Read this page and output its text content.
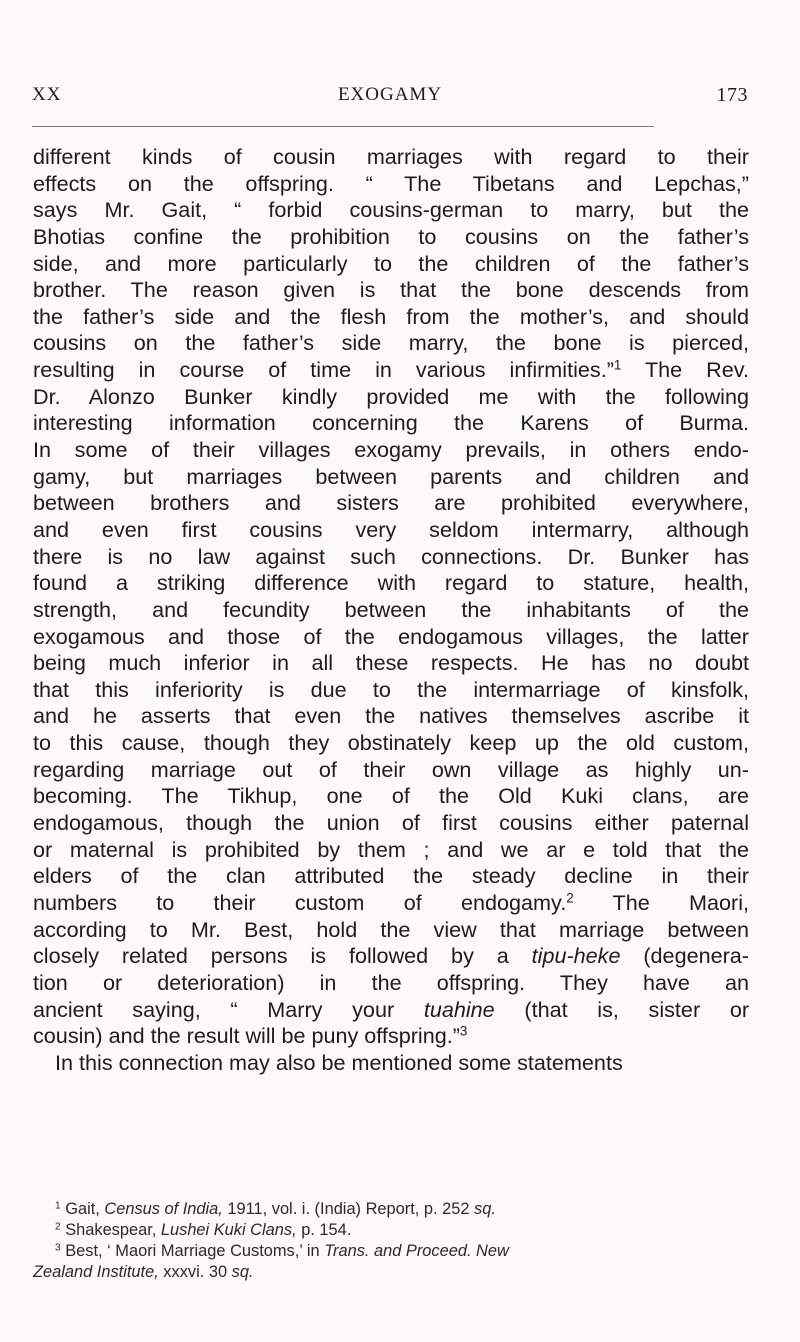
XX	EXOGAMY	173
different kinds of cousin marriages with regard to their
effects on the offspring. “ The Tibetans and Lepchas,”
says Mr. Gait, “ forbid cousins-german to marry, but the
Bhotias confine the prohibition to cousins on the father’s
side, and more particularly to the children of the father’s
brother. The reason given is that the bone descends from
the father’s side and the flesh from the mother’s, and should
cousins on the father’s side marry, the bone is pierced,
resulting in course of time in various infirmities.”$^1$ The Rev.
Dr. Alonzo Bunker kindly provided me with the following
interesting information concerning the Karens of Burma.
In some of their villages exogamy prevails, in others endo-
gamy, but marriages between parents and children and
between brothers and sisters are prohibited everywhere,
and even first cousins very seldom intermarry, although
there is no law against such connections. Dr. Bunker has
found a striking difference with regard to stature, health,
strength, and fecundity between the inhabitants of the
exogamous and those of the endogamous villages, the latter
being much inferior in all these respects. He has no doubt
that this inferiority is due to the intermarriage of kinsfolk,
and he asserts that even the natives themselves ascribe it
to this cause, though they obstinately keep up the old custom,
regarding marriage out of their own village as highly un-
becoming. The Tikhup, one of the Old Kuki clans, are
endogamous, though the union of first cousins either paternal
or maternal is prohibited by them ; and we ar e told that the
elders of the clan attributed the steady decline in their
numbers to their custom of endogamy.$^2$ The Maori,
according to Mr. Best, hold the view that marriage between
closely related persons is followed by a tipu-heke (degenera-
tion or deterioration) in the offspring. They have an
ancient saying, “ Marry your tuahine (that is, sister or
cousin) and the result will be puny offspring.”$^3$
In this connection may also be mentioned some statements
$^1$ Gait, Census of India, 1911, vol. i. (India) Report, p. 252 sq.
$^2$ Shakespear, Lushei Kuki Clans, p. 154.
$^3$ Best, ‘ Maori Marriage Customs,’ in Trans. and Proceed. New
Zealand Institute, xxxvi. 30 sq.
